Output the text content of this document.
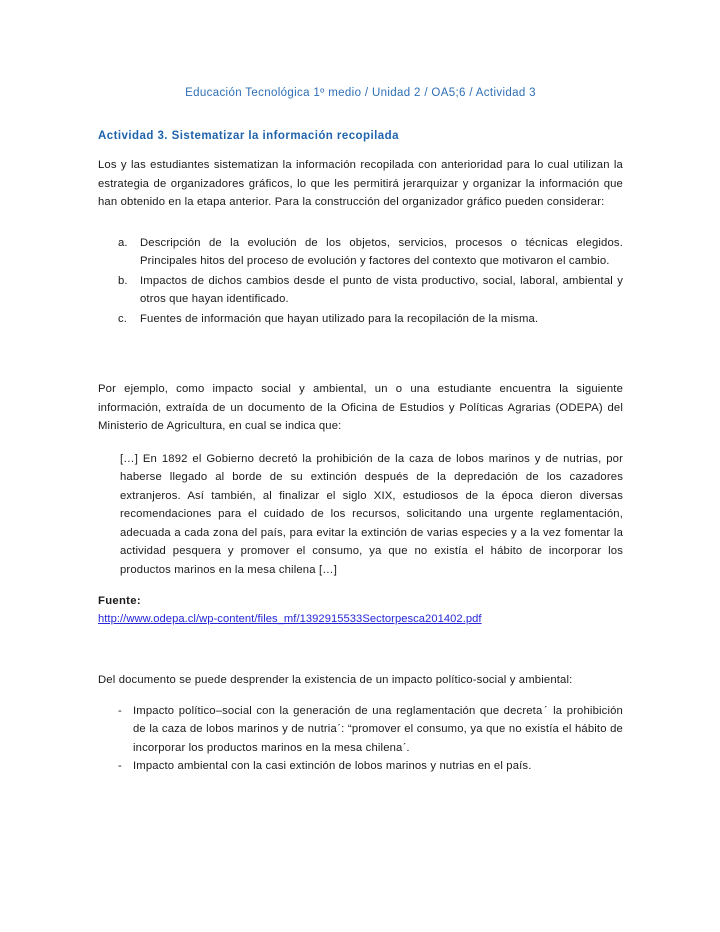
Educación Tecnológica 1º medio / Unidad 2 / OA5;6 / Actividad 3
Actividad 3. Sistematizar la información recopilada

Los y las estudiantes sistematizan la información recopilada con anterioridad para lo cual utilizan la estrategia de organizadores gráficos, lo que les permitirá jerarquizar y organizar la información que han obtenido en la etapa anterior. Para la construcción del organizador gráfico pueden considerar:

a.	Descripción de la evolución de los objetos, servicios, procesos o técnicas elegidos. Principales hitos del proceso de evolución y factores del contexto que motivaron el cambio.
b.	Impactos de dichos cambios desde el punto de vista productivo, social, laboral, ambiental y otros que hayan identificado.
c.	Fuentes de información que hayan utilizado para la recopilación de la misma.

Por ejemplo, como impacto social y ambiental, un o una estudiante encuentra la siguiente información, extraída de un documento de la Oficina de Estudios y Políticas Agrarias (ODEPA) del Ministerio de Agricultura, en cual se indica que:

[…] En 1892 el Gobierno decretó la prohibición de la caza de lobos marinos y de nutrias, por haberse llegado al borde de su extinción después de la depredación de los cazadores extranjeros. Así también, al finalizar el siglo XIX, estudiosos de la época dieron diversas recomendaciones para el cuidado de los recursos, solicitando una urgente reglamentación, adecuada a cada zona del país, para evitar la extinción de varias especies y a la vez fomentar la actividad pesquera y promover el consumo, ya que no existía el hábito de incorporar los productos marinos en la mesa chilena […]
Fuente:
http://www.odepa.cl/wp-content/files_mf/1392915533Sectorpesca201402.pdf

Del documento se puede desprender la existencia de un impacto político-social y ambiental:

- Impacto político–social con la generación de una reglamentación que decretaˊ la prohibición de la caza de lobos marinos y de nutriaˊ: “promover el consumo, ya que no existía el hábito de incorporar los productos marinos en la mesa chilenaˊ.
- Impacto ambiental con la casi extinción de lobos marinos y nutrias en el país.
